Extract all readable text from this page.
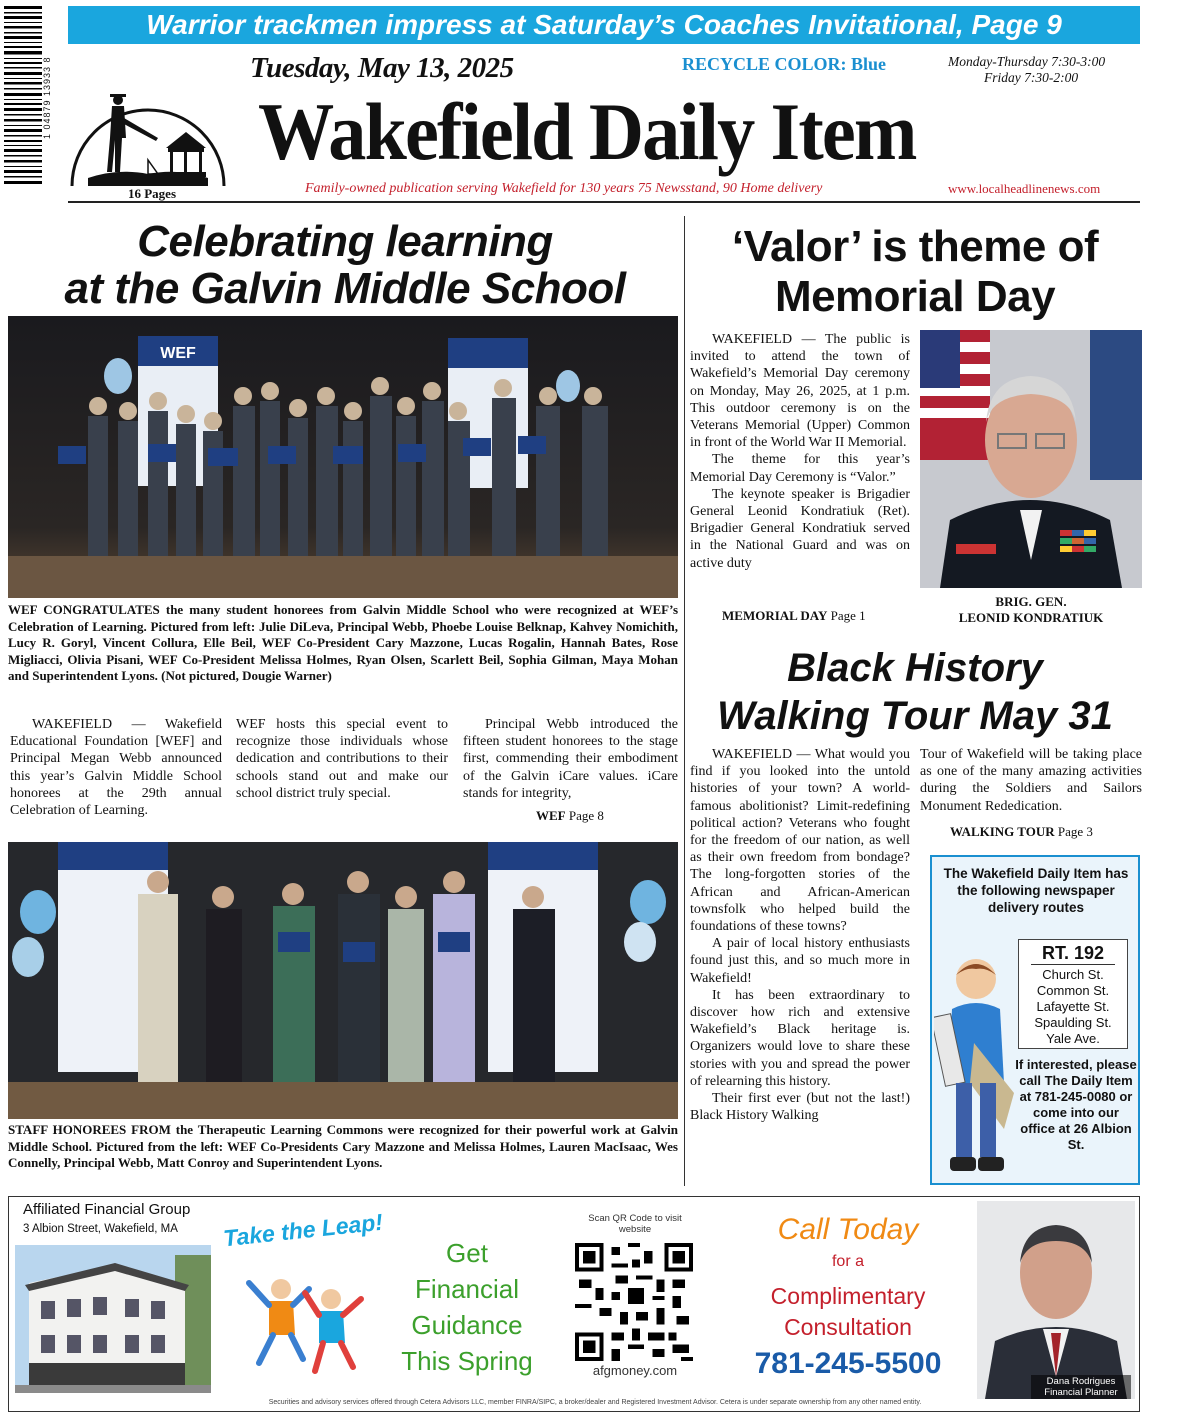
Warrior trackmen impress at Saturday’s Coaches Invitational, Page 9
1 04879 13933 8
16 Pages
Tuesday, May 13, 2025	RECYCLE COLOR: Blue	Monday-Thursday 7:30-3:00
Friday 7:30-2:00
Wakefield Daily Item
Family-owned publication serving Wakefield for 130 years 75 Newsstand, 90 Home delivery	www.localheadlinenews.com
Celebrating learning
at the Galvin Middle School
WEF
WEF CONGRATULATES the many student honorees from Galvin Middle School who were recognized at WEF’s Celebration of Learning. Pictured from left: Julie DiLeva, Principal Webb, Phoebe Louise Belknap, Kahvey Nomichith, Lucy R. Goryl, Vincent Collura, Elle Beil, WEF Co-President Cary Mazzone, Lucas Rogalin, Hannah Bates, Rose Migliacci, Olivia Pisani, WEF Co-President Melissa Holmes, Ryan Olsen, Scarlett Beil, Sophia Gilman, Maya Mohan and Superintendent Lyons. (Not pictured, Dougie Warner)
WAKEFIELD — Wakefield Educational Foundation [WEF] and Principal Megan Webb announced this year’s Galvin Middle School honorees at the 29th annual Celebration of Learning.
WEF hosts this special event to recognize those individuals whose dedication and contributions to their schools stand out and make our school district truly special.
Principal Webb introduced the fifteen student honorees to the stage first, commending their embodiment of the Galvin iCare values. iCare stands for integrity,
WEF Page 8
STAFF HONOREES FROM the Therapeutic Learning Commons were recognized for their powerful work at Galvin Middle School. Pictured from the left: WEF Co-Presidents Cary Mazzone and Melissa Holmes, Lauren MacIsaac, Wes Connelly, Principal Webb, Matt Conroy and Superintendent Lyons.
‘Valor’ is theme of
Memorial Day

WAKEFIELD — The public is invited to attend the town of Wakefield’s Memorial Day ceremony on Monday, May 26, 2025, at 1 p.m. This outdoor ceremony is on the Veterans Memorial (Upper) Common in front of the World War II Memorial.

The theme for this year’s Memorial Day Ceremony is “Valor.”

The keynote speaker is Brigadier General Leonid Kondratiuk (Ret). Brigadier General Kondratiuk served in the National Guard and was on active duty

MEMORIAL DAY Page 1
BRIG. GEN.
LEONID KONDRATIUK
Black History
Walking Tour May 31

WAKEFIELD — What would you find if you looked into the untold histories of your town? A world-famous abolitionist? Limit-redefining political action? Veterans who fought for the freedom of our nation, as well as their own freedom from bondage? The long-forgotten stories of the African and African-American townsfolk who helped build the foundations of these towns?

A pair of local history enthusiasts found just this, and so much more in Wakefield!

It has been extraordinary to discover how rich and extensive Wakefield’s Black heritage is. Organizers would love to share these stories with you and spread the power of relearning this history.

Their first ever (but not the last!) Black History Walking

Tour of Wakefield will be taking place as one of the many amazing activities during the Soldiers and Sailors Monument Rededication.
WALKING TOUR Page 3
The Wakefield Daily Item has the following newspaper delivery routes
RT. 192
Church St.
Common St.
Lafayette St.
Spaulding St.
Yale Ave.
If interested, please call The Daily Item at 781-245-0080 or come into our office at 26 Albion St.
Affiliated Financial Group
3 Albion Street, Wakefield, MA Take the Leap!
Get
Financial
Guidance
This Spring
Scan QR Code to visit website
afgmoney.com
Call Today
for a
Complimentary
Consultation
781-245-5500
Dana Rodrigues
Financial Planner
Securities and advisory services offered through Cetera Advisors LLC, member FINRA/SIPC, a broker/dealer and Registered Investment Advisor. Cetera is under separate ownership from any other named entity.
